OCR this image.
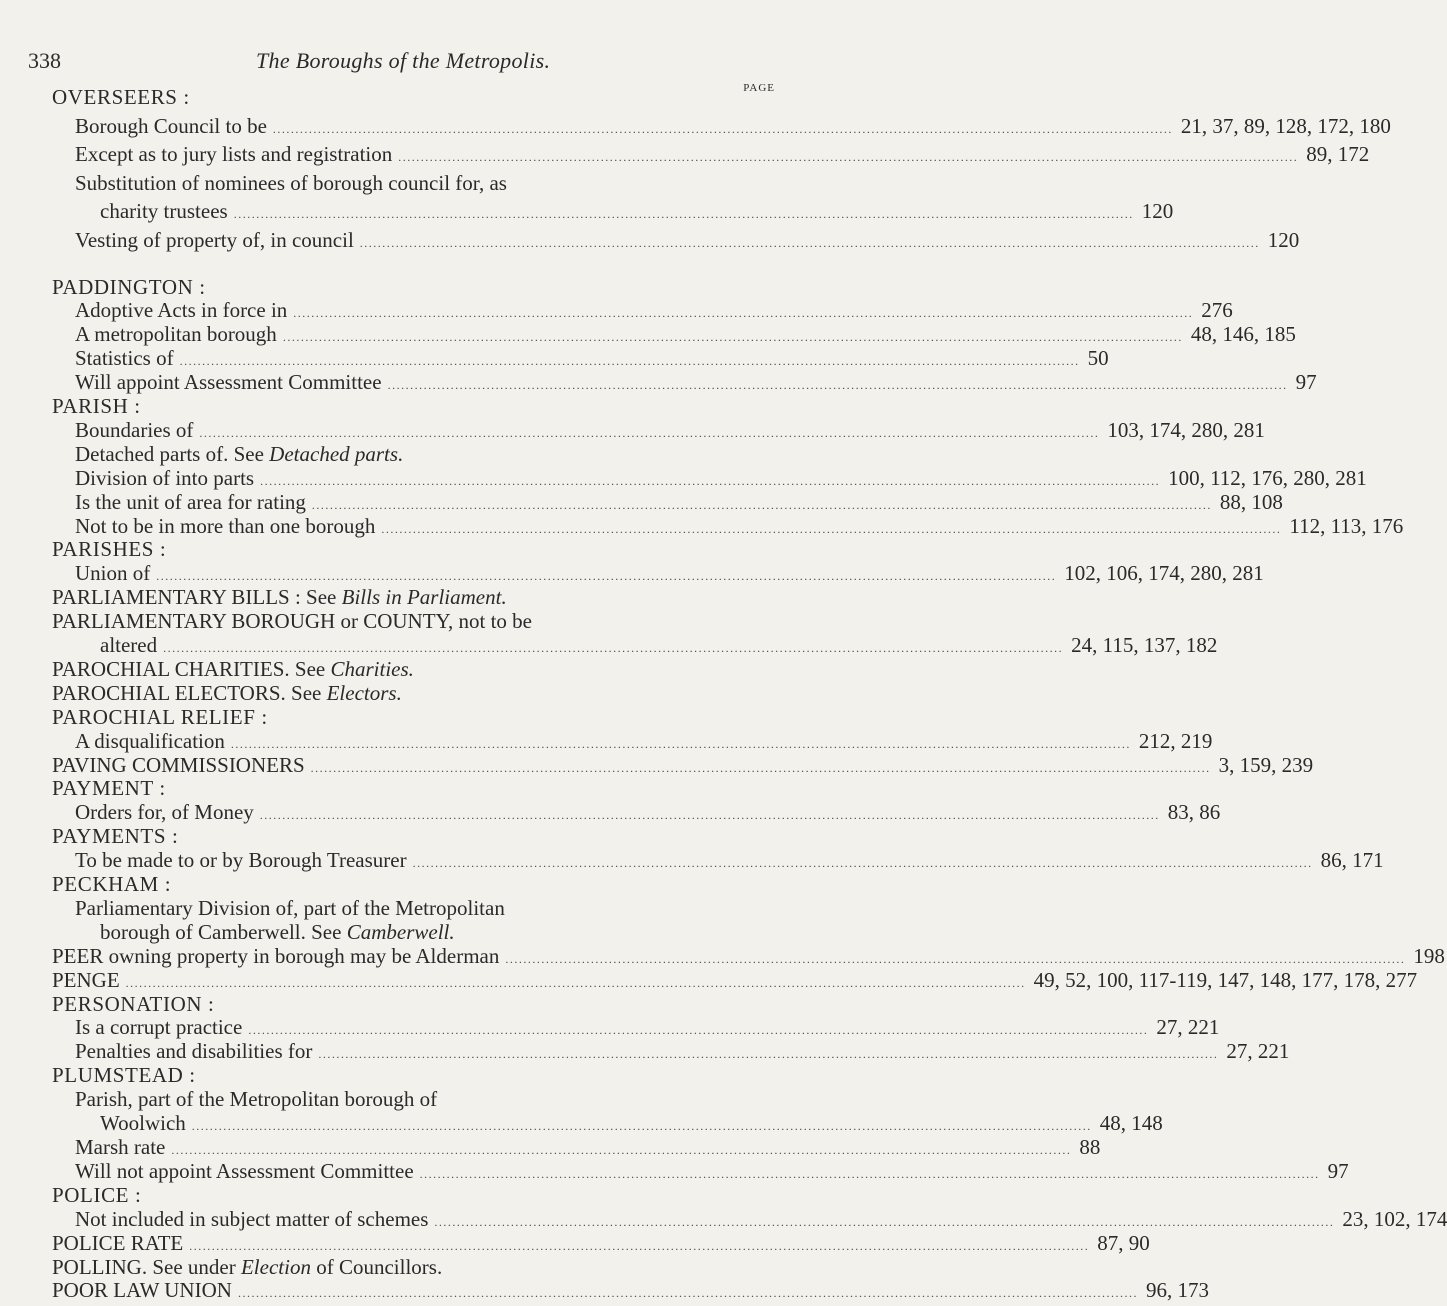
338	The Boroughs of the Metropolis.
PAGE
OVERSEERS :
Borough Council to be ........................................................................................................................................................................................................ 21, 37, 89, 128, 172, 180
Except as to jury lists and registration ........................................................................................................................................................................................................ 89, 172
Substitution of nominees of borough council for, as
charity trustees ........................................................................................................................................................................................................ 120
Vesting of property of, in council ........................................................................................................................................................................................................ 120
PADDINGTON :
Adoptive Acts in force in ........................................................................................................................................................................................................ 276
A metropolitan borough ........................................................................................................................................................................................................ 48, 146, 185
Statistics of ........................................................................................................................................................................................................ 50
Will appoint Assessment Committee ........................................................................................................................................................................................................ 97
PARISH :
Boundaries of ........................................................................................................................................................................................................ 103, 174, 280, 281
Detached parts of. See Detached parts.
Division of into parts ........................................................................................................................................................................................................ 100, 112, 176, 280, 281
Is the unit of area for rating ........................................................................................................................................................................................................ 88, 108
Not to be in more than one borough ........................................................................................................................................................................................................ 112, 113, 176
PARISHES :
Union of ........................................................................................................................................................................................................ 102, 106, 174, 280, 281
PARLIAMENTARY BILLS : See Bills in Parliament.
PARLIAMENTARY BOROUGH or COUNTY, not to be
altered ........................................................................................................................................................................................................ 24, 115, 137, 182
PAROCHIAL CHARITIES. See Charities.
PAROCHIAL ELECTORS. See Electors.
PAROCHIAL RELIEF :
A disqualification ........................................................................................................................................................................................................ 212, 219
PAVING COMMISSIONERS ........................................................................................................................................................................................................ 3, 159, 239
PAYMENT :
Orders for, of Money ........................................................................................................................................................................................................ 83, 86
PAYMENTS :
To be made to or by Borough Treasurer ........................................................................................................................................................................................................ 86, 171
PECKHAM :
Parliamentary Division of, part of the Metropolitan
borough of Camberwell. See Camberwell.
PEER owning property in borough may be Alderman ........................................................................................................................................................................................................ 198
PENGE ........................................................................................................................................................................................................ 49, 52, 100, 117-119, 147, 148, 177, 178, 277
PERSONATION :
Is a corrupt practice ........................................................................................................................................................................................................ 27, 221
Penalties and disabilities for ........................................................................................................................................................................................................ 27, 221
PLUMSTEAD :
Parish, part of the Metropolitan borough of
Woolwich ........................................................................................................................................................................................................ 48, 148
Marsh rate ........................................................................................................................................................................................................ 88
Will not appoint Assessment Committee ........................................................................................................................................................................................................ 97
POLICE :
Not included in subject matter of schemes ........................................................................................................................................................................................................ 23, 102, 174
POLICE RATE ........................................................................................................................................................................................................ 87, 90
POLLING. See under Election of Councillors.
POOR LAW UNION ........................................................................................................................................................................................................ 96, 173
